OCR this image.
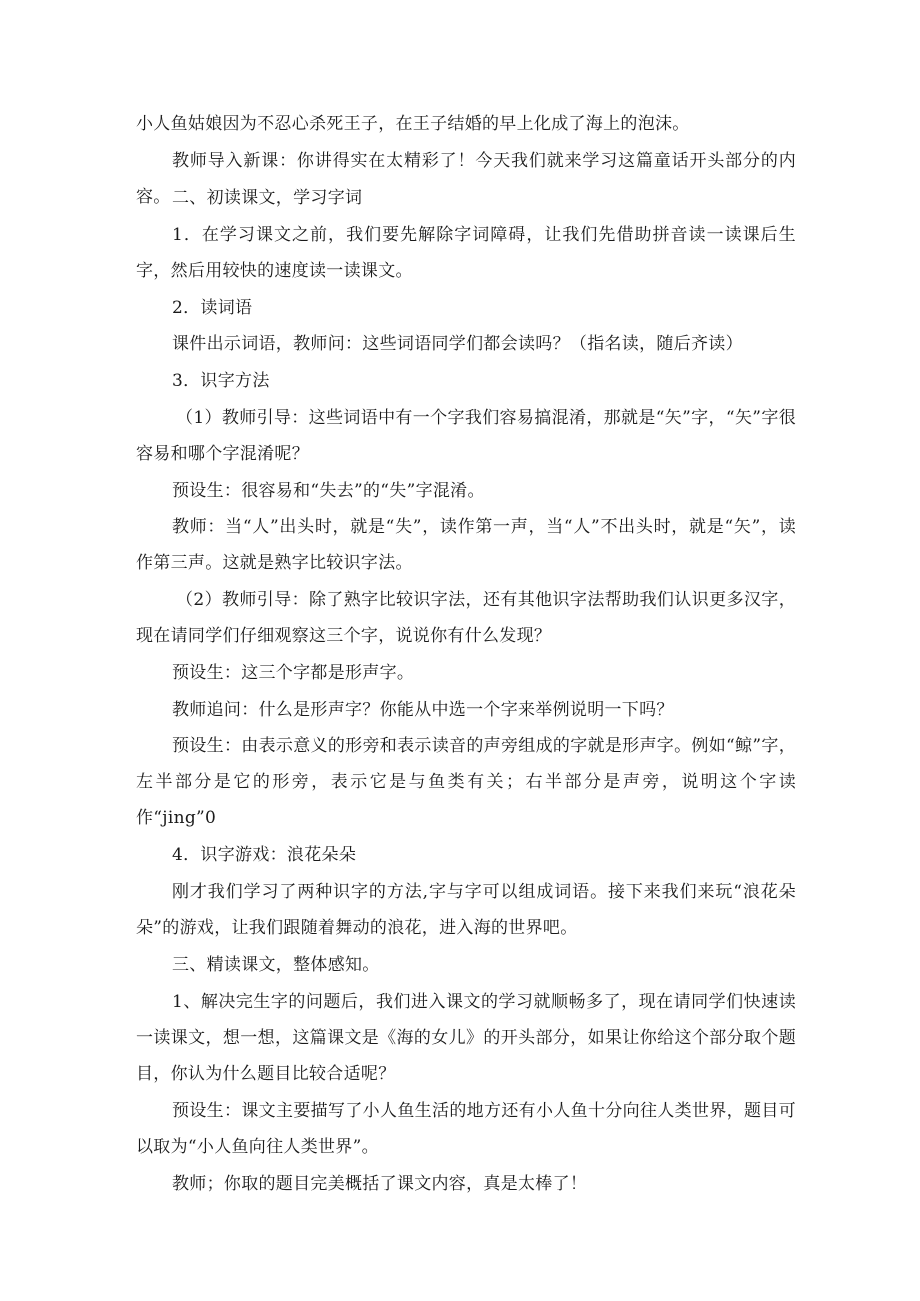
小人鱼姑娘因为不忍心杀死王子，在王子结婚的早上化成了海上的泡沫。

教师导入新课：你讲得实在太精彩了！今天我们就来学习这篇童话开头部分的内容。 二、初读课文，学习字词

1．在学习课文之前，我们要先解除字词障碍，让我们先借助拼音读一读课后生字，然后用较快的速度读一读课文。

2．读词语

课件出示词语，教师问：这些词语同学们都会读吗？（指名读，随后齐读）

3．识字方法

（1）教师引导：这些词语中有一个字我们容易搞混淆，那就是“矢”字，“矢”字很容易和哪个字混淆呢？

预设生：很容易和“失去”的“失”字混淆。

教师：当“人”出头时，就是“失”，读作第一声，当“人”不出头时，就是“矢”，读作第三声。这就是熟字比较识字法。

（2）教师引导：除了熟字比较识字法，还有其他识字法帮助我们认识更多汉字，现在请同学们仔细观察这三个字，说说你有什么发现？

预设生：这三个字都是形声字。

教师追问：什么是形声字？你能从中选一个字来举例说明一下吗？

预设生：由表示意义的形旁和表示读音的声旁组成的字就是形声字。例如“鲸”字，左半部分是它的形旁，表示它是与鱼类有关；右半部分是声旁，说明这个字读作“jing”0

4．识字游戏：浪花朵朵

刚才我们学习了两种识字的方法,字与字可以组成词语。接下来我们来玩“浪花朵朵”的游戏，让我们跟随着舞动的浪花，进入海的世界吧。

三、精读课文，整体感知。

1、解决完生字的问题后，我们进入课文的学习就顺畅多了，现在请同学们快速读一读课文，想一想，这篇课文是《海的女儿》的开头部分，如果让你给这个部分取个题目，你认为什么题目比较合适呢？

预设生：课文主要描写了小人鱼生活的地方还有小人鱼十分向往人类世界，题目可以取为“小人鱼向往人类世界”。

教师；你取的题目完美概括了课文内容，真是太棒了！
